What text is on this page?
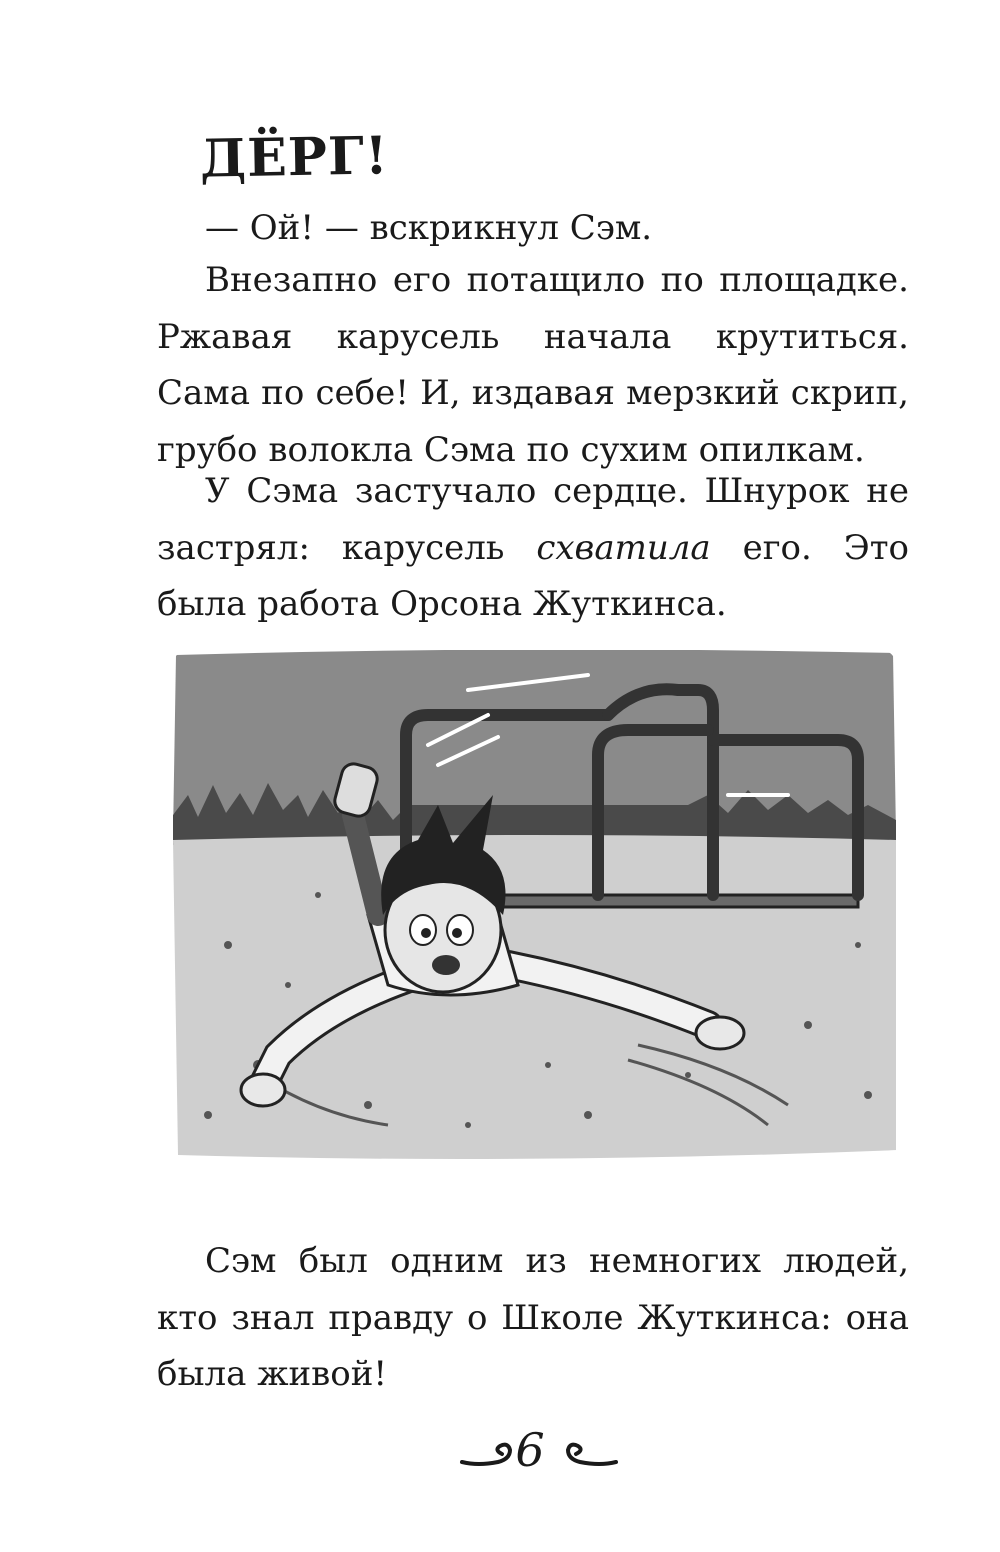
ДЁРГ!

— Ой! — вскрикнул Сэм.

Внезапно его потащило по площадке. Ржавая карусель начала крутиться. Сама по себе! И, издавая мерзкий скрип, грубо волокла Сэма по сухим опилкам.

У Сэма застучало сердце. Шнурок не застрял: карусель схватила его. Это была работа Орсона Жуткинса.

Сэм был одним из немногих людей, кто знал правду о Школе Жуткинса: она была живой!

6
